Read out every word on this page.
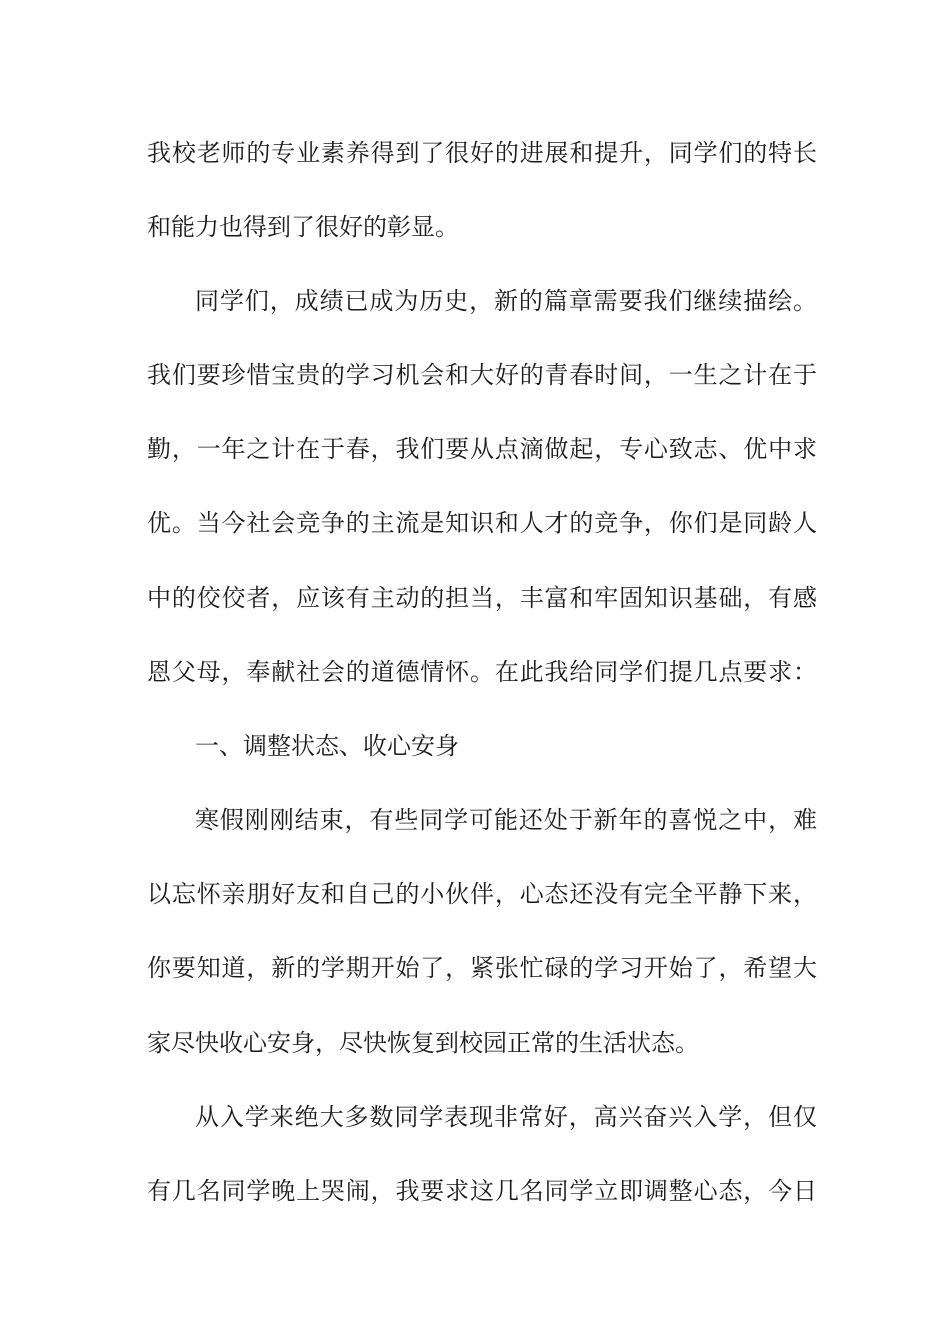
我校老师的专业素养得到了很好的进展和提升，同学们的特长
和能力也得到了很好的彰显。
同学们，成绩已成为历史，新的篇章需要我们继续描绘。
我们要珍惜宝贵的学习机会和大好的青春时间，一生之计在于
勤，一年之计在于春，我们要从点滴做起，专心致志、优中求
优。当今社会竞争的主流是知识和人才的竞争，你们是同龄人
中的佼佼者，应该有主动的担当，丰富和牢固知识基础，有感
恩父母，奉献社会的道德情怀。在此我给同学们提几点要求：
一、调整状态、收心安身
寒假刚刚结束，有些同学可能还处于新年的喜悦之中，难
以忘怀亲朋好友和自己的小伙伴，心态还没有完全平静下来，
你要知道，新的学期开始了，紧张忙碌的学习开始了，希望大
家尽快收心安身，尽快恢复到校园正常的生活状态。
从入学来绝大多数同学表现非常好，高兴奋兴入学，但仅
有几名同学晚上哭闹，我要求这几名同学立即调整心态，今日
